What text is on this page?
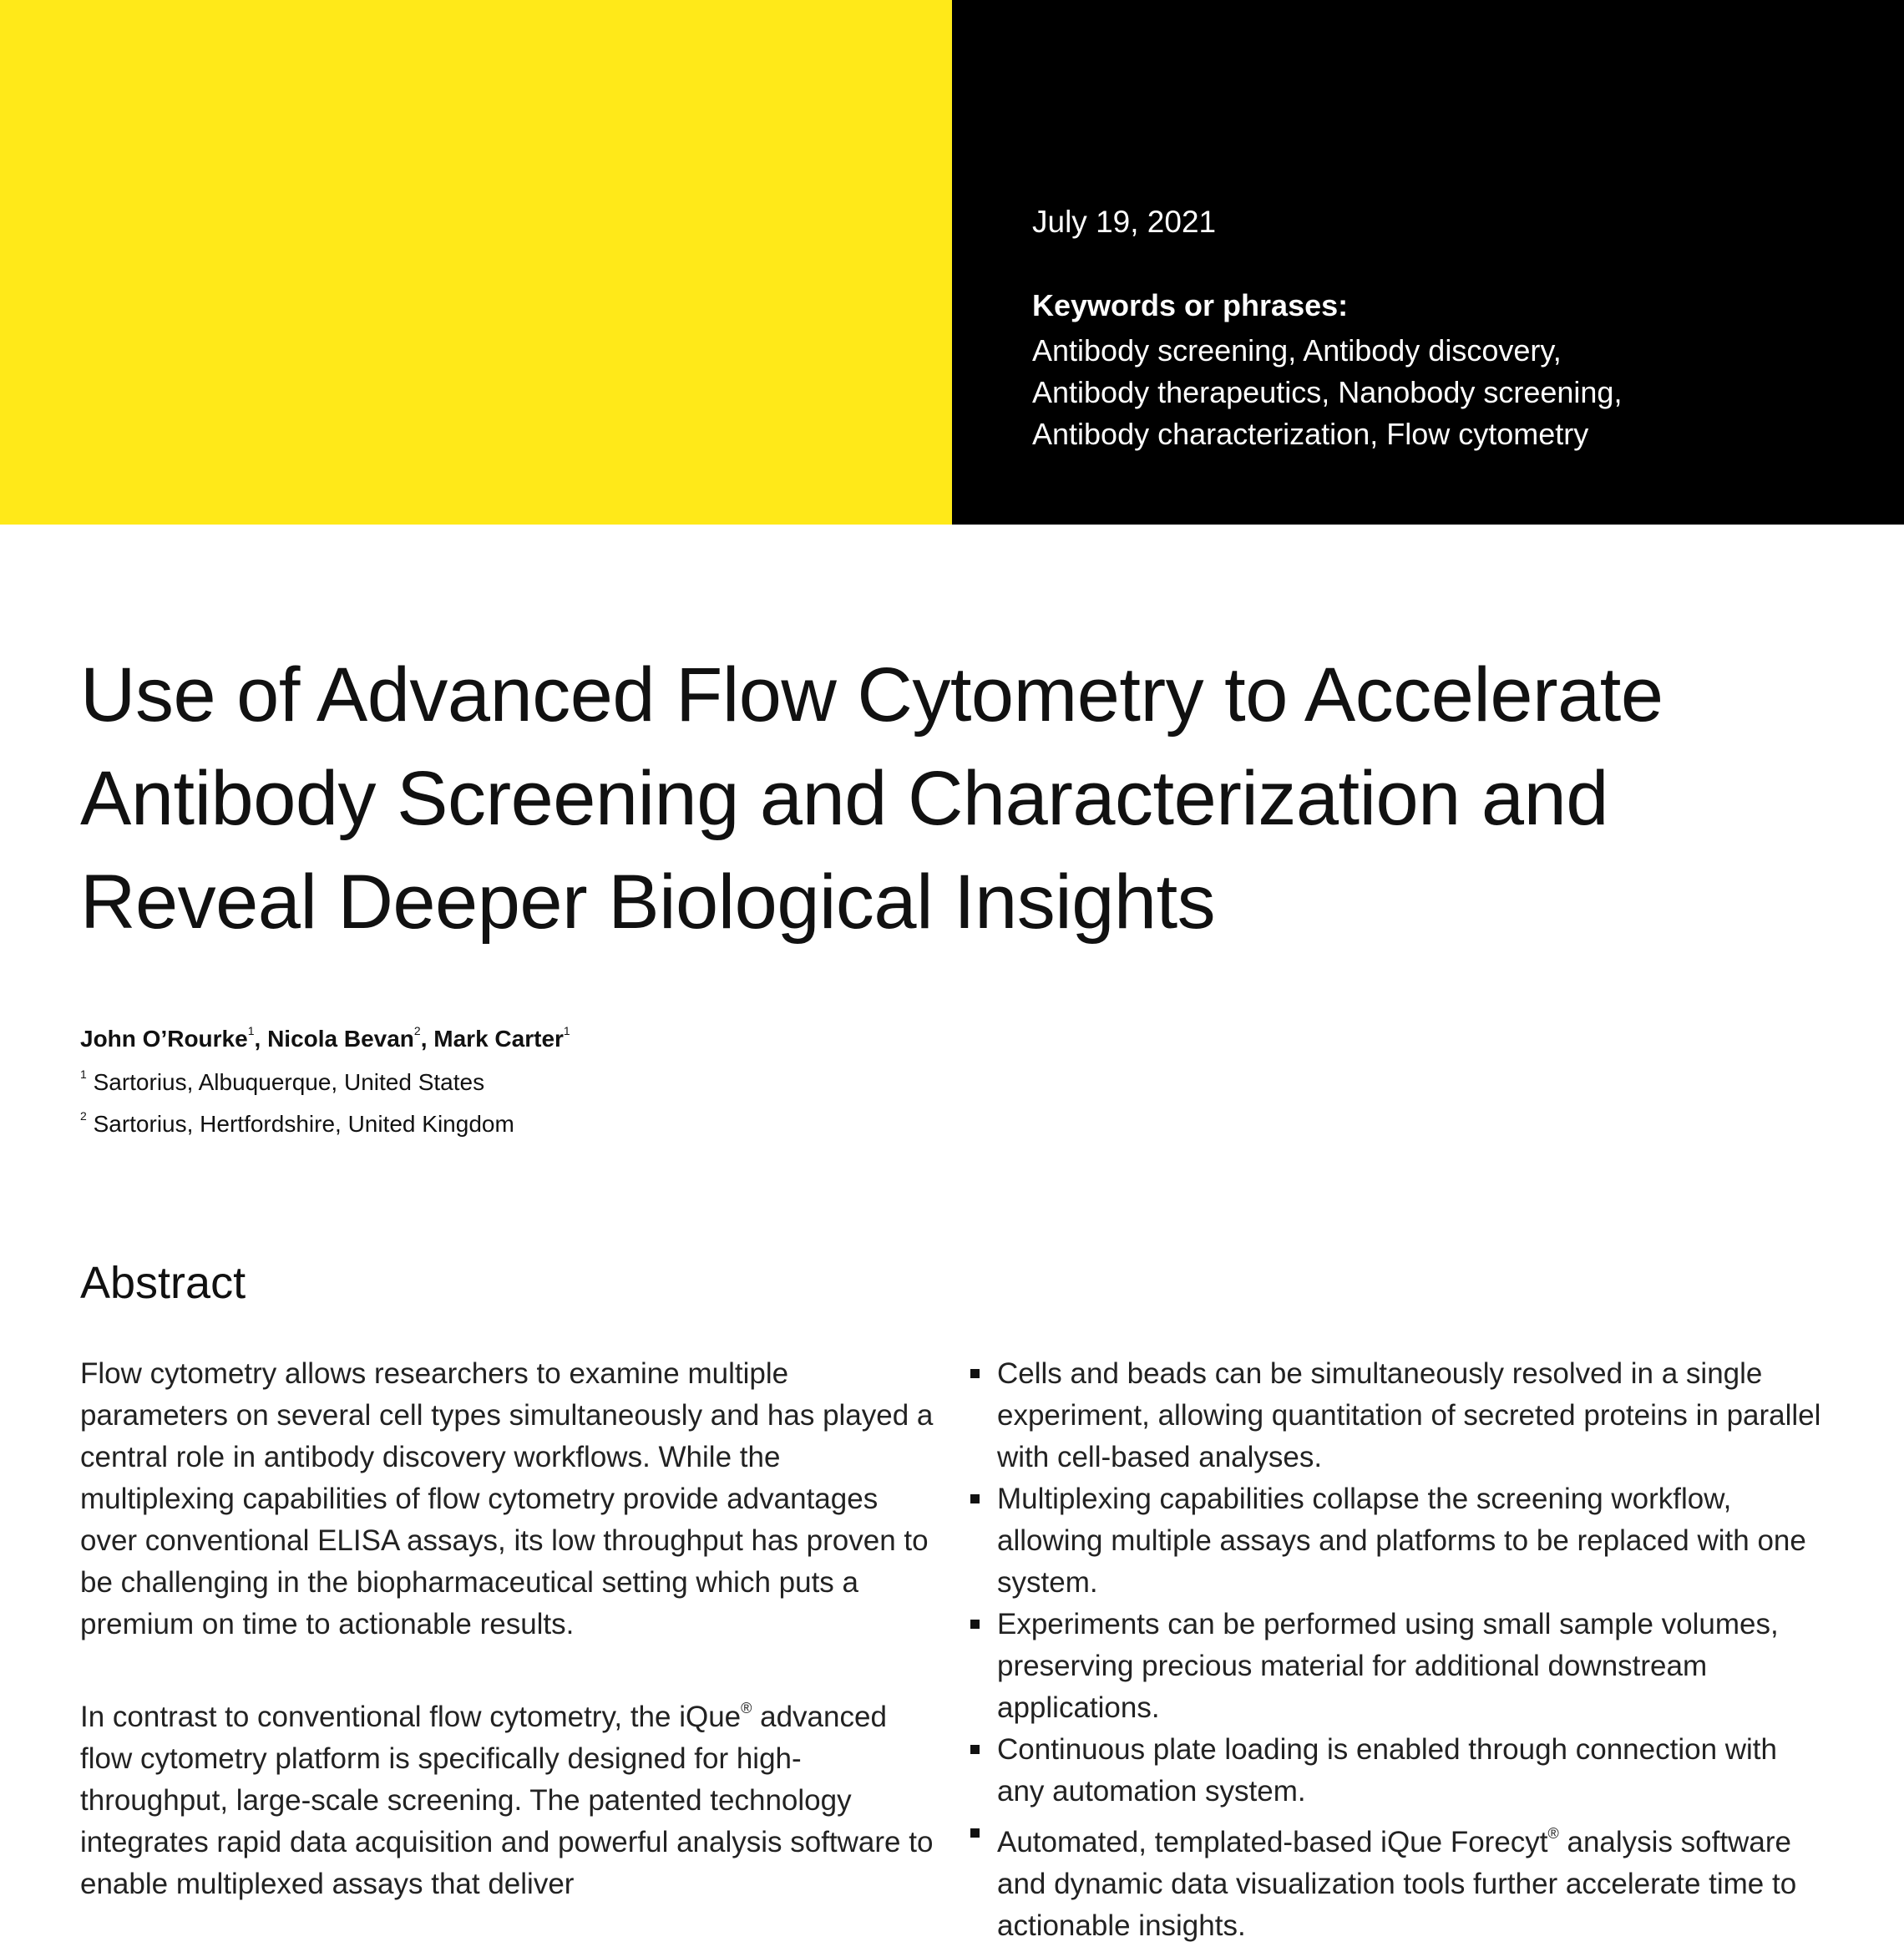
July 19, 2021
Keywords or phrases:
Antibody screening, Antibody discovery,
Antibody therapeutics, Nanobody screening,
Antibody characterization, Flow cytometry
Use of Advanced Flow Cytometry to Accelerate
Antibody Screening and Characterization and
Reveal Deeper Biological Insights
John O’Rourke$^1$, Nicola Bevan$^2$, Mark Carter$^1$
$^1$ Sartorius, Albuquerque, United States
$^2$ Sartorius, Hertfordshire, United Kingdom
Abstract

Flow cytometry allows researchers to examine multiple parameters on several cell types simultaneously and has played a central role in antibody discovery workflows. While the multiplexing capabilities of flow cytometry provide advantages over conventional ELISA assays, its low throughput has proven to be challenging in the biopharmaceutical setting which puts a premium on time to actionable results.

In contrast to conventional flow cytometry, the iQue® advanced flow cytometry platform is specifically designed for high-throughput, large-scale screening. The patented technology integrates rapid data acquisition and powerful analysis software to enable multiplexed assays that deliver

Cells and beads can be simultaneously resolved in a single experiment, allowing quantitation of secreted proteins in parallel with cell-based analyses.
Multiplexing capabilities collapse the screening workflow, allowing multiple assays and platforms to be replaced with one system.
Experiments can be performed using small sample volumes, preserving precious material for additional downstream applications.
Continuous plate loading is enabled through connection with any automation system.
Automated, templated-based iQue Forecyt® analysis software and dynamic data visualization tools further accelerate time to actionable insights.
